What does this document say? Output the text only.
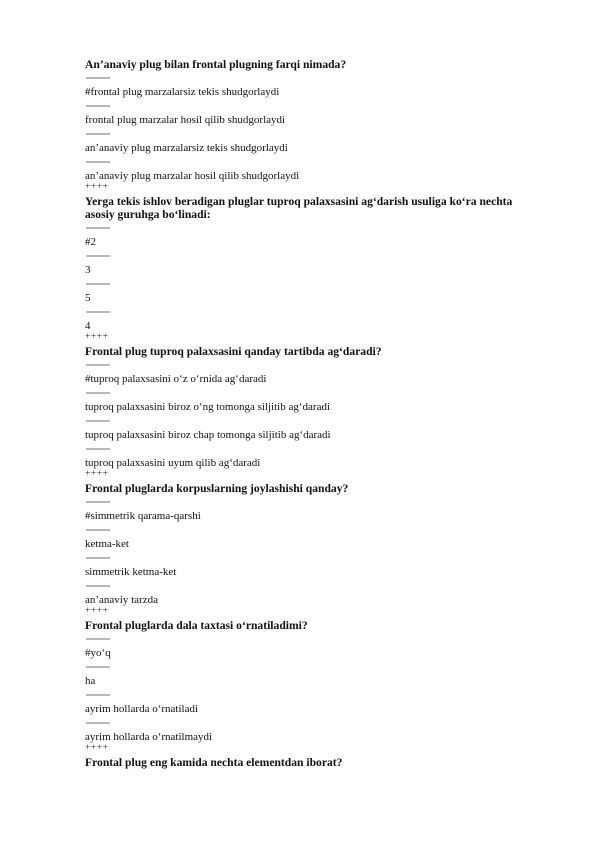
An’anaviy plug bilan frontal plugning farqi nimada?

#frontal plug marzalarsiz tekis shudgorlaydi

frontal plug marzalar hosil qilib shudgorlaydi

an’anaviy plug marzalarsiz tekis shudgorlaydi

an’anaviy plug marzalar hosil qilib shudgorlaydi

++++

Yerga tekis ishlov beradigan pluglar tuproq palaxsasini ag‘darish usuliga ko‘ra nechta asosiy guruhga bo‘linadi:

#2

3

5

4

++++

Frontal plug tuproq palaxsasini qanday tartibda ag‘daradi?

#tuproq palaxsasini o‘z o‘rnida ag‘daradi

tuproq palaxsasini biroz o‘ng tomonga siljitib ag‘daradi

tuproq palaxsasini biroz chap tomonga siljitib ag‘daradi

tuproq palaxsasini uyum qilib ag‘daradi

++++

Frontal pluglarda korpuslarning joylashishi qanday?

#simmetrik qarama-qarshi

ketma-ket

simmetrik ketma-ket

an’anaviy tarzda

++++

Frontal pluglarda dala taxtasi o‘rnatiladimi?

#yo‘q

ha

ayrim hollarda o‘rnatiladi

ayrim hollarda o‘rnatilmaydi

++++

Frontal plug eng kamida nechta elementdan iborat?
